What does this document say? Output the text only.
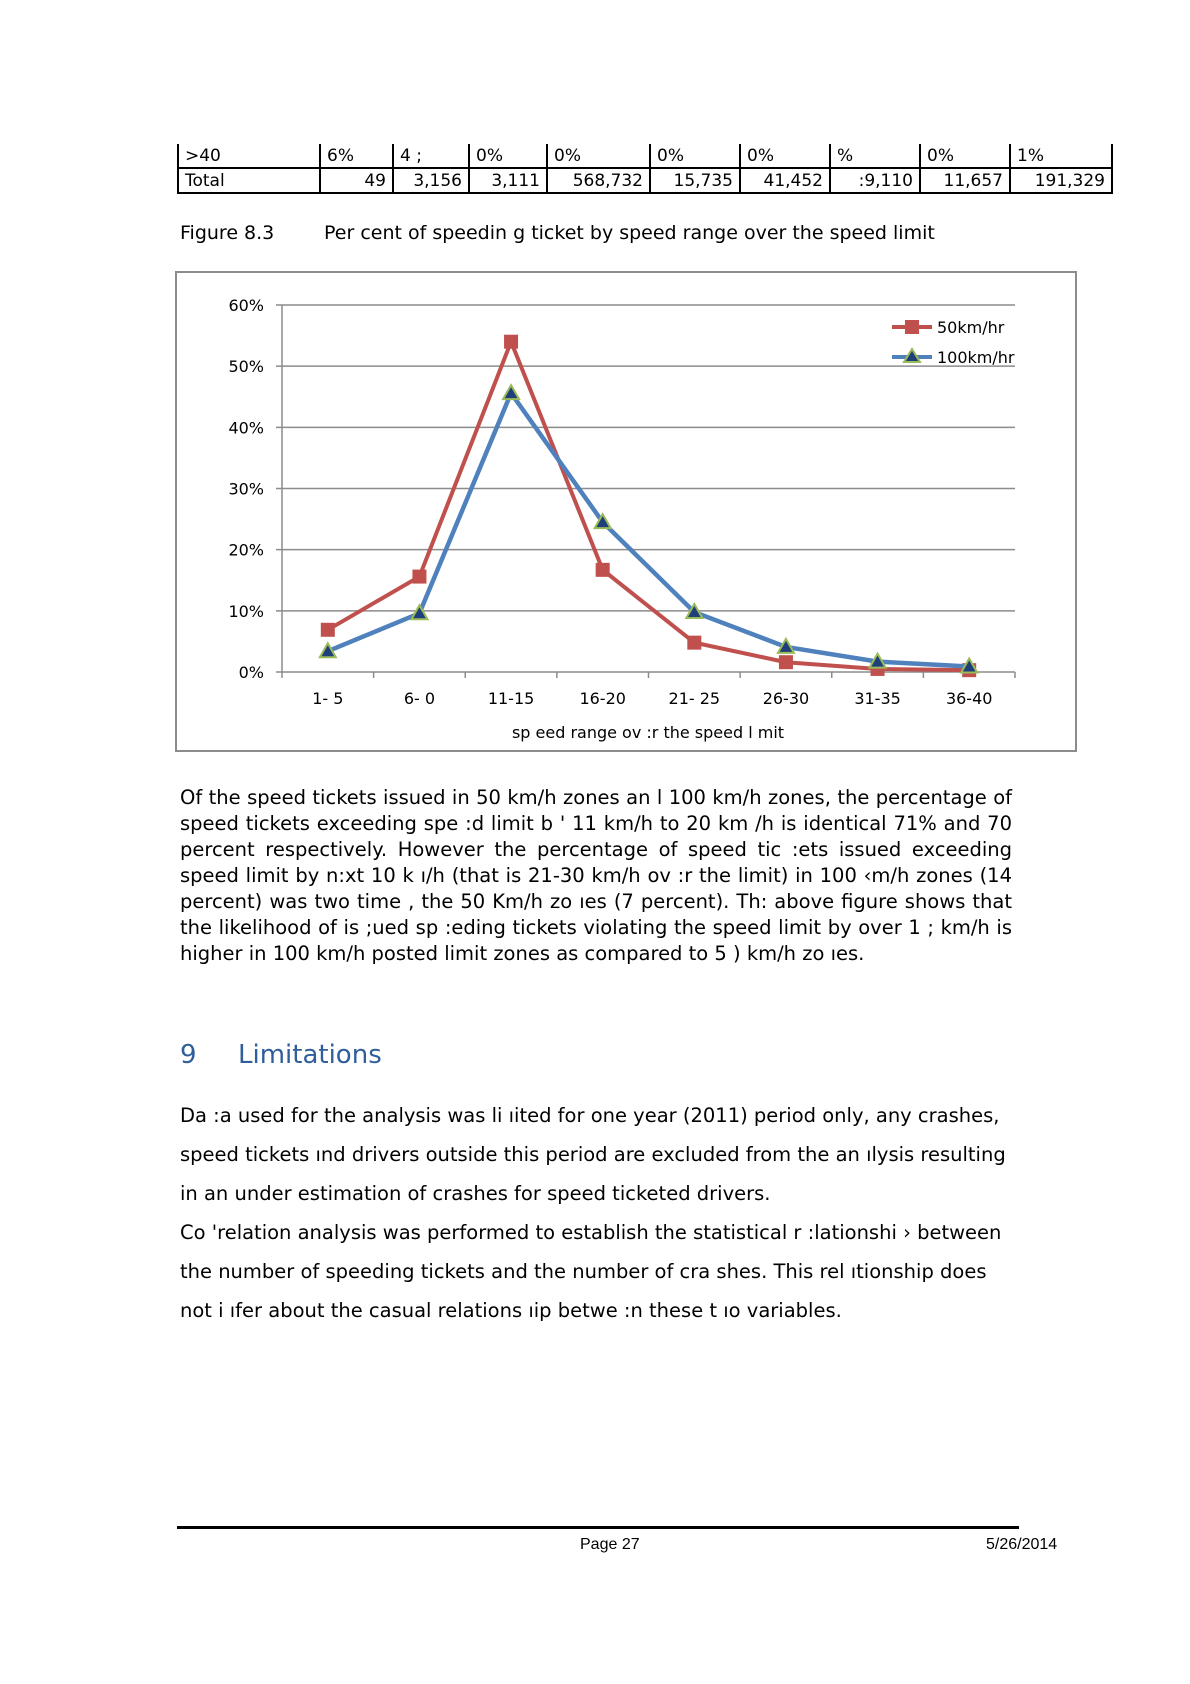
>40	6%	4 ;	0%	0%	0%	0%	%	0%	1%
Total	49	3,156	3,111	568,732	15,735	41,452	:9,110	11,657	191,329
Figure 8.3	Per cent of speedin g ticket by speed range over the speed limit
0%
10%
20%
30%
40%
50%
60%
1- 5	6- 0	11-15	16-20	21- 25	26-30	31-35	36-40
50km/hr
100km/hr
sp eed range ov :r the speed l mit
Of the speed tickets issued in 50 km/h zones an l 100 km/h zones, the percentage of speed tickets exceeding spe :d limit b ' 11 km/h to 20 km /h is identical 71% and 70 percent respectively. However the percentage of speed tic :ets issued exceeding speed limit by n:xt 10 k ı/h (that is 21-30 km/h ov :r the limit) in 100 ‹m/h zones (14 percent) was two time , the 50 Km/h zo ıes (7 percent). Th: above figure shows that the likelihood of is ;ued sp :eding tickets violating the speed limit by over 1 ; km/h is higher in 100 km/h posted limit zones as compared to 5 ) km/h zo ıes.
9 Limitations

Da :a used for the analysis was li ıited for one year (2011) period only, any crashes, speed tickets ınd drivers outside this period are excluded from the an ılysis resulting in an under estimation of crashes for speed ticketed drivers.

Co 'relation analysis was performed to establish the statistical r :lationshi › between the number of speeding tickets and the number of cra shes. This rel ıtionship does not i ıfer about the casual relations ıip betwe :n these t ıo variables.

Page 27	5/26/2014
